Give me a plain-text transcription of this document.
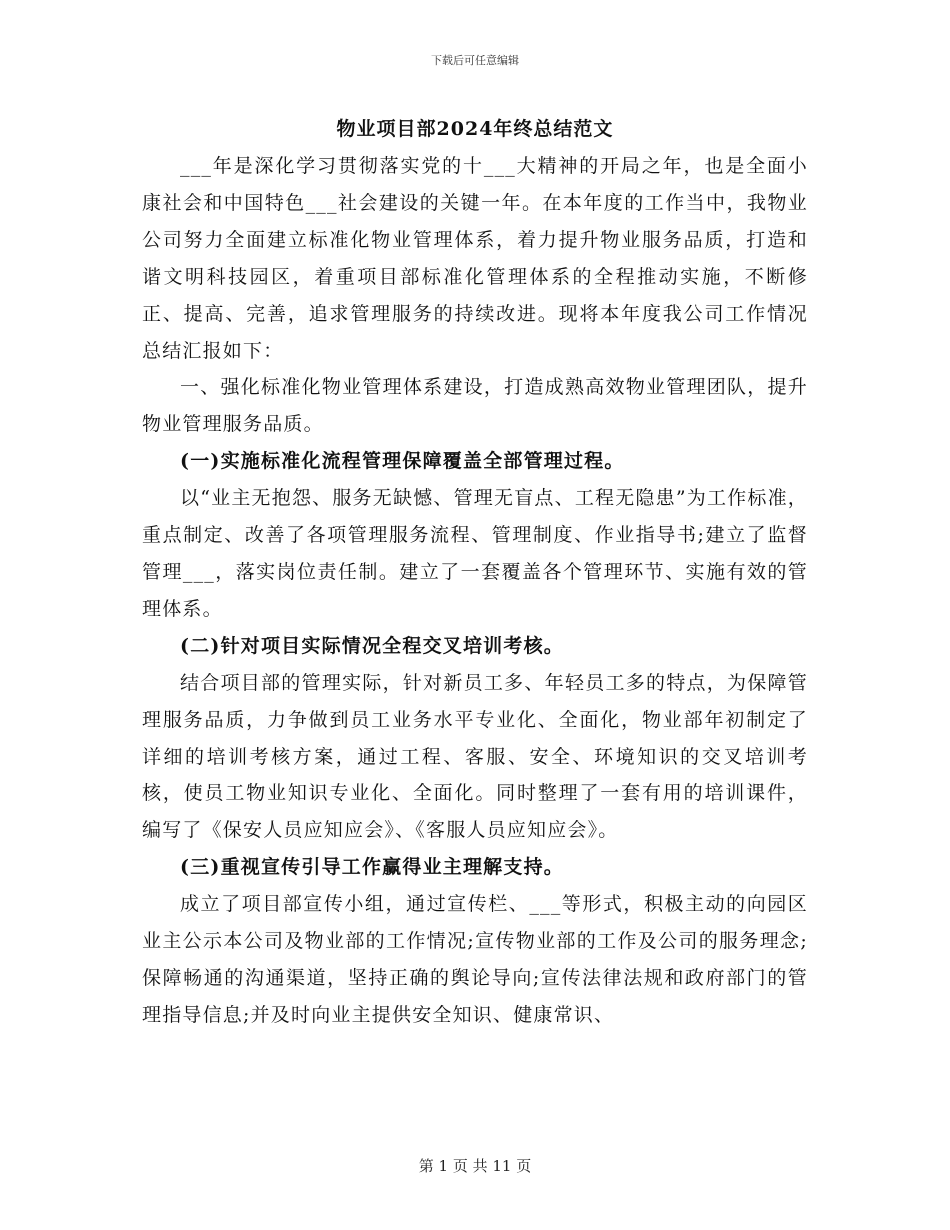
下载后可任意编辑
物业项目部2024年终总结范文

___年是深化学习贯彻落实党的十___大精神的开局之年，也是全面小康社会和中国特色___社会建设的关键一年。在本年度的工作当中，我物业公司努力全面建立标准化物业管理体系，着力提升物业服务品质，打造和谐文明科技园区，着重项目部标准化管理体系的全程推动实施，不断修正、提高、完善，追求管理服务的持续改进。现将本年度我公司工作情况总结汇报如下：

一、强化标准化物业管理体系建设，打造成熟高效物业管理团队，提升物业管理服务品质。

(一)实施标准化流程管理保障覆盖全部管理过程。

以“业主无抱怨、服务无缺憾、管理无盲点、工程无隐患”为工作标准，重点制定、改善了各项管理服务流程、管理制度、作业指导书;建立了监督管理___，落实岗位责任制。建立了一套覆盖各个管理环节、实施有效的管理体系。

(二)针对项目实际情况全程交叉培训考核。

结合项目部的管理实际，针对新员工多、年轻员工多的特点，为保障管理服务品质，力争做到员工业务水平专业化、全面化，物业部年初制定了详细的培训考核方案，通过工程、客服、安全、环境知识的交叉培训考核，使员工物业知识专业化、全面化。同时整理了一套有用的培训课件，编写了《保安人员应知应会》、《客服人员应知应会》。

(三)重视宣传引导工作赢得业主理解支持。

成立了项目部宣传小组，通过宣传栏、___等形式，积极主动的向园区业主公示本公司及物业部的工作情况;宣传物业部的工作及公司的服务理念;保障畅通的沟通渠道，坚持正确的舆论导向;宣传法律法规和政府部门的管理指导信息;并及时向业主提供安全知识、健康常识、

第 1 页 共 11 页
